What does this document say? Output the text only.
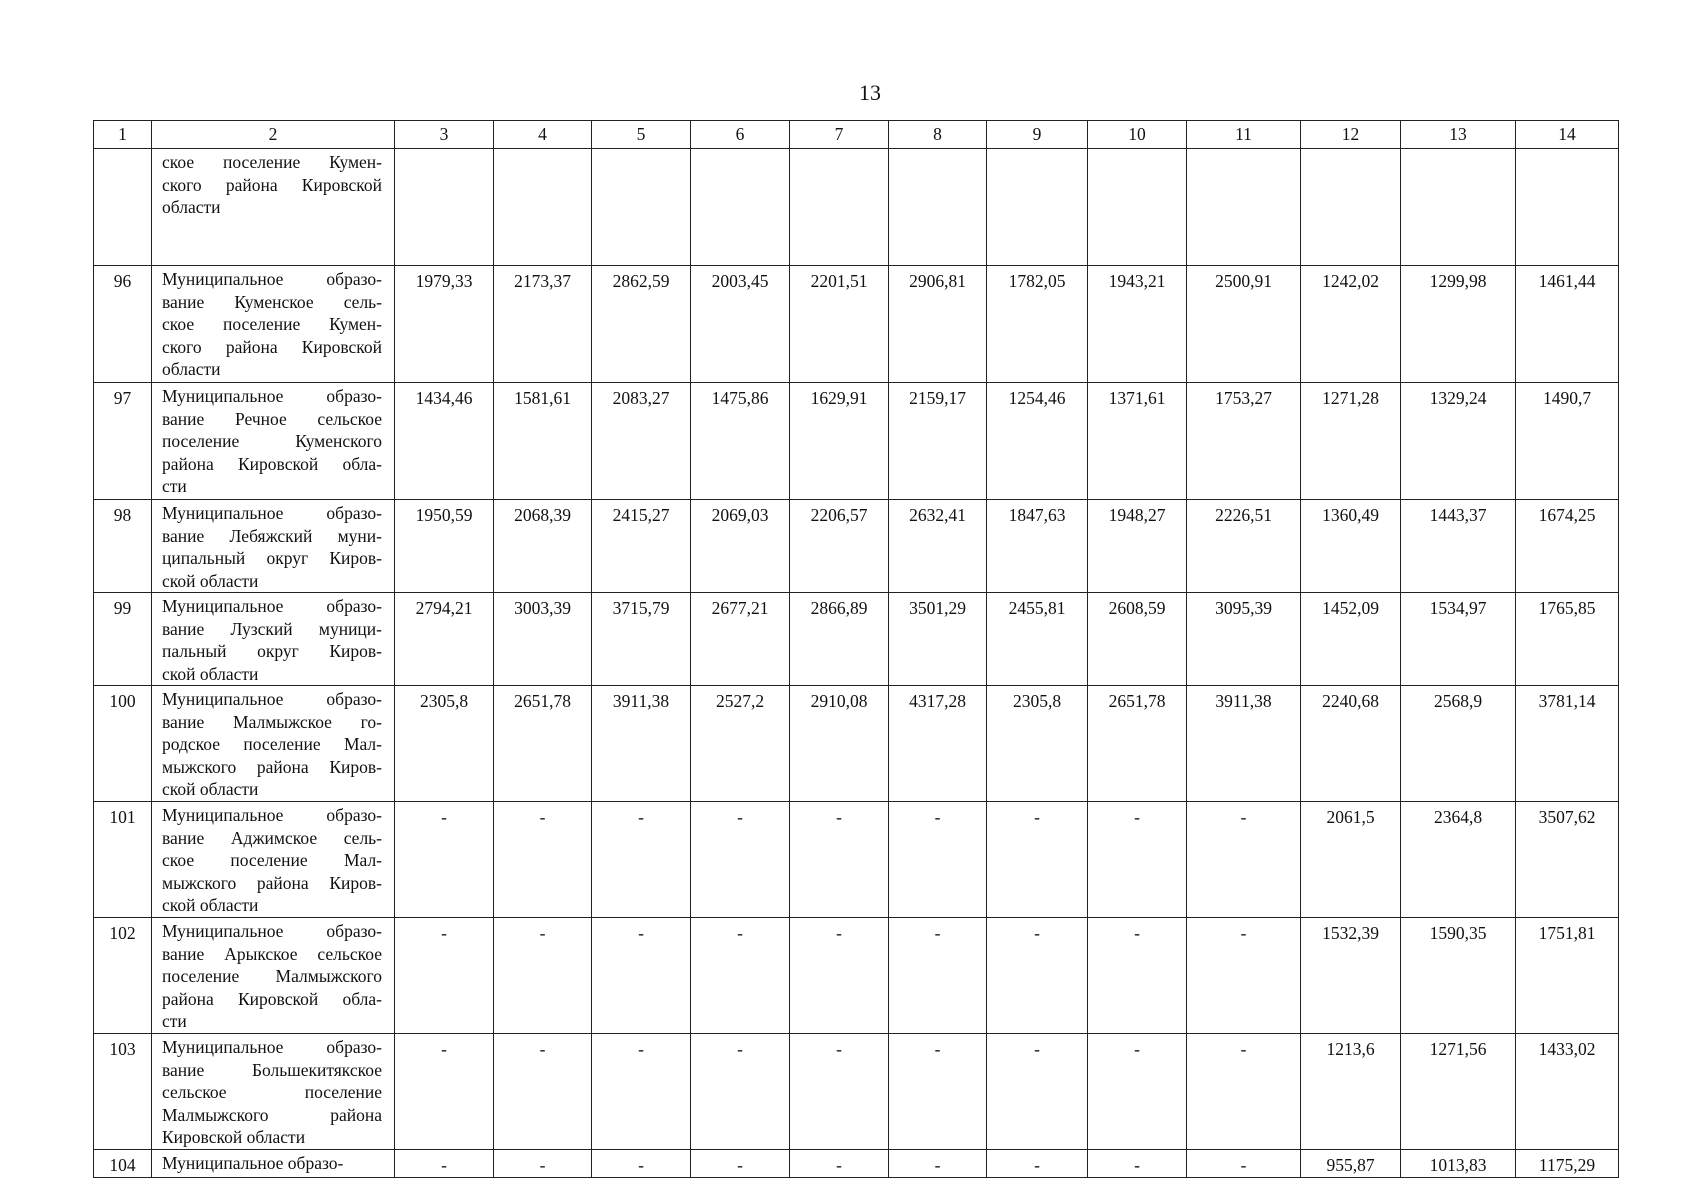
13
1	2	3	4	5	6	7	8	9	10	11	12	13	14

	ское поселение Кумен-
ского района Кировской
области												

96	Муниципальное образо-
вание Куменское сель-
ское поселение Кумен-
ского района Кировской
области	1979,33	2173,37	2862,59	2003,45	2201,51	2906,81	1782,05	1943,21	2500,91	1242,02	1299,98	1461,44
97	Муниципальное образо-
вание Речное сельское
поселение Куменского
района Кировской обла-
сти	1434,46	1581,61	2083,27	1475,86	1629,91	2159,17	1254,46	1371,61	1753,27	1271,28	1329,24	1490,7
98	Муниципальное образо-
вание Лебяжский муни-
ципальный округ Киров-
ской области	1950,59	2068,39	2415,27	2069,03	2206,57	2632,41	1847,63	1948,27	2226,51	1360,49	1443,37	1674,25
99	Муниципальное образо-
вание Лузский муници-
пальный округ Киров-
ской области	2794,21	3003,39	3715,79	2677,21	2866,89	3501,29	2455,81	2608,59	3095,39	1452,09	1534,97	1765,85
100	Муниципальное образо-
вание Малмыжское го-
родское поселение Мал-
мыжского района Киров-
ской области	2305,8	2651,78	3911,38	2527,2	2910,08	4317,28	2305,8	2651,78	3911,38	2240,68	2568,9	3781,14
101	Муниципальное образо-
вание Аджимское сель-
ское поселение Мал-
мыжского района Киров-
ской области	-	-	-	-	-	-	-	-	-	2061,5	2364,8	3507,62
102	Муниципальное образо-
вание Арыкское сельское
поселение Малмыжского
района Кировской обла-
сти	-	-	-	-	-	-	-	-	-	1532,39	1590,35	1751,81
103	Муниципальное образо-
вание Большекитякское
сельское поселение
Малмыжского района
Кировской области	-	-	-	-	-	-	-	-	-	1213,6	1271,56	1433,02
104	Муниципальное образо-	-	-	-	-	-	-	-	-	-	955,87	1013,83	1175,29
